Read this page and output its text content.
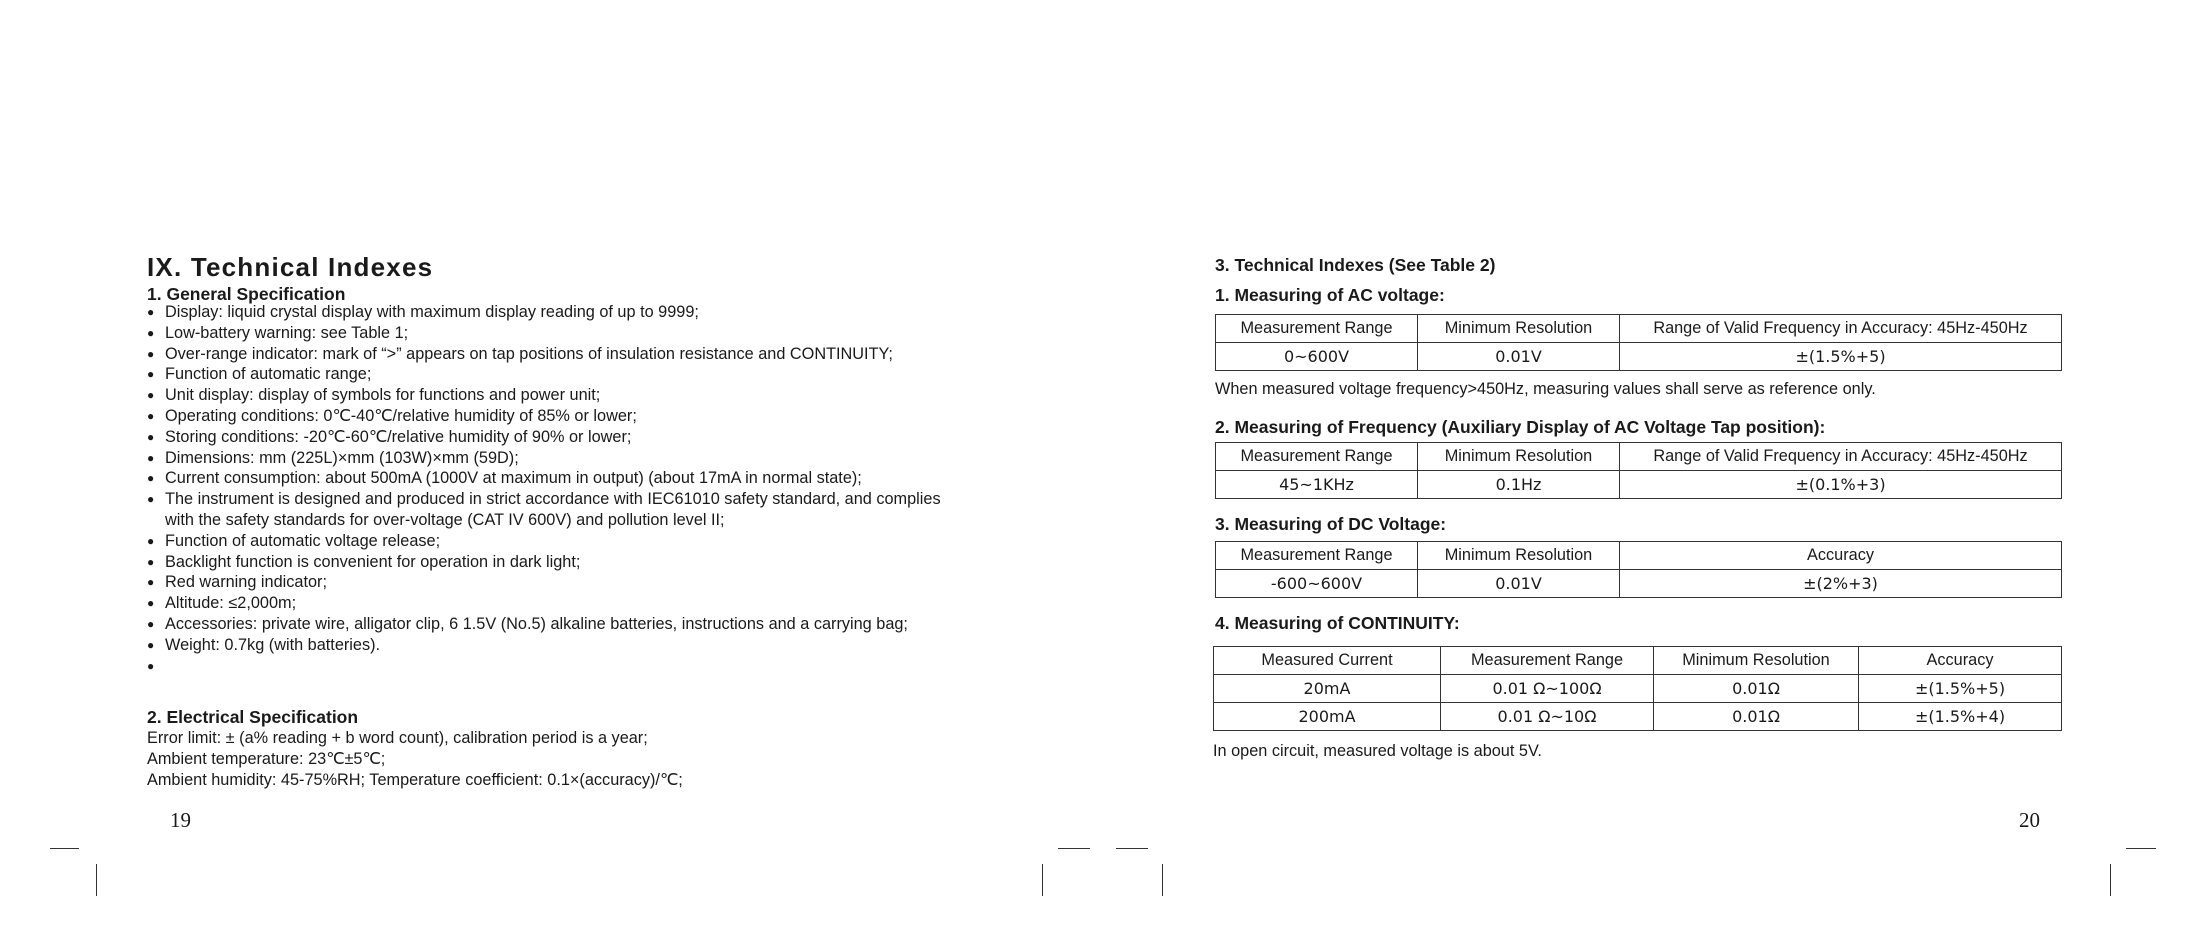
IX. Technical Indexes
1. General Specification
● Display: liquid crystal display with maximum display reading of up to 9999;
● Low-battery warning: see Table 1;
● Over-range indicator: mark of “>” appears on tap positions of insulation resistance and CONTINUITY;
● Function of automatic range;
● Unit display: display of symbols for functions and power unit;
● Operating conditions: 0℃-40℃/relative humidity of 85% or lower;
● Storing conditions: -20℃-60℃/relative humidity of 90% or lower;
● Dimensions: mm (225L)×mm (103W)×mm (59D);
● Current consumption: about 500mA (1000V at maximum in output) (about 17mA in normal state);
● The instrument is designed and produced in strict accordance with IEC61010 safety standard, and complies
with the safety standards for over-voltage (CAT IV 600V) and pollution level II;
● Function of automatic voltage release;
● Backlight function is convenient for operation in dark light;
● Red warning indicator;
● Altitude: ≤2,000m;
● Accessories: private wire, alligator clip, 6 1.5V (No.5) alkaline batteries, instructions and a carrying bag;
● Weight: 0.7kg (with batteries).
2. Electrical Specification
Error limit: ± (a% reading + b word count), calibration period is a year;
Ambient temperature: 23℃±5℃;
Ambient humidity: 45-75%RH; Temperature coefficient: 0.1×(accuracy)/℃;
19
3. Technical Indexes (See Table 2)
1. Measuring of AC voltage:
Measurement Range	Minimum Resolution	Range of Valid Frequency in Accuracy: 45Hz-450Hz
0~600V	0.01V	±(1.5%+5)
When measured voltage frequency>450Hz, measuring values shall serve as reference only.
2. Measuring of Frequency (Auxiliary Display of AC Voltage Tap position):
Measurement Range	Minimum Resolution	Range of Valid Frequency in Accuracy: 45Hz-450Hz
45~1KHz	0.1Hz	±(0.1%+3)
3. Measuring of DC Voltage:
Measurement Range	Minimum Resolution	Accuracy
-600~600V	0.01V	±(2%+3)
4. Measuring of CONTINUITY:
Measured Current	Measurement Range	Minimum Resolution	Accuracy
20mA	0.01 Ω~100Ω	0.01Ω	±(1.5%+5)
200mA	0.01 Ω~10Ω	0.01Ω	±(1.5%+4)
In open circuit, measured voltage is about 5V.
20
